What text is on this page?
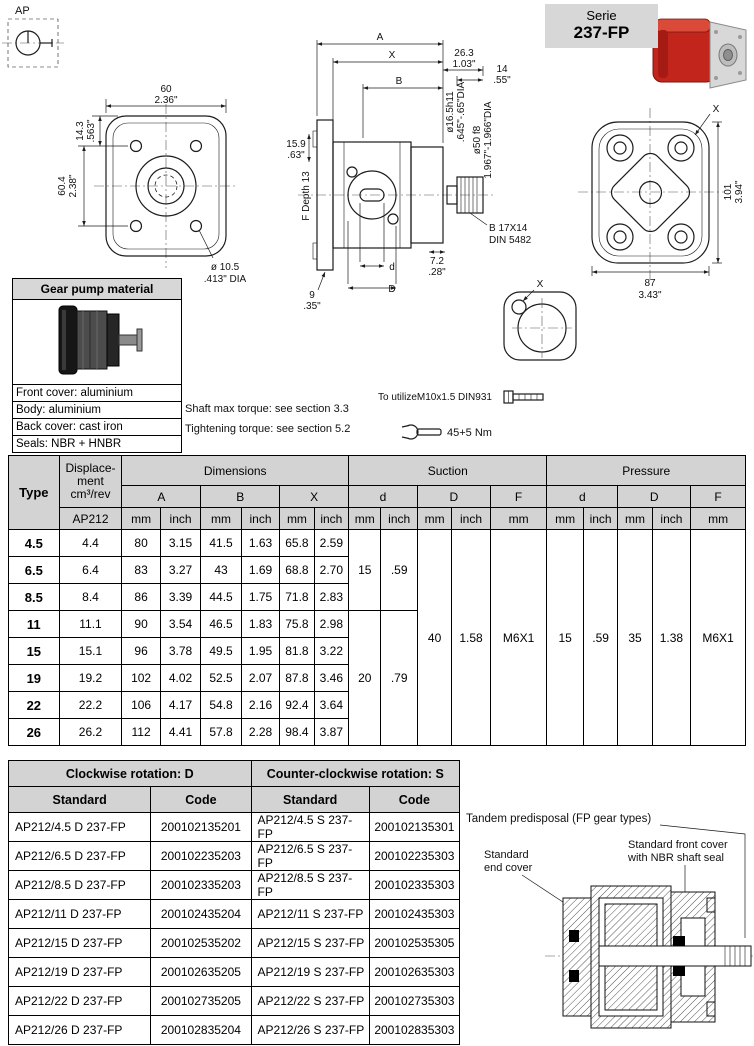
AP
60
2.36"
14.3 .563"
60.4 2.38"
ø 10.5
.413" DIA
A
X
B
26.3
1.03" 14
.55"
ø16.5h11 .645"-.65"DIA ø50 f8 1.967"-1.966"DIA
15.9
.63"
F Depth 13
9
.35"
7.2
.28"
d
D
B 17X14
DIN 5482
101 3.94"
87
3.43"
X
X
To utilizeM10x1.5 DIN931
45+5 Nm
Shaft max torque: see section 3.3
Tightening torque: see section 5.2
Serie
237-FP
Gear pump material
Front cover: aluminium
Body: aluminium
Back cover: cast iron
Seals: NBR + HNBR
Type	Displace-
ment
cm³/rev	Dimensions						Suction					Pressure				
		A		B		X		d		D		F	d		D		F
	AP212	mm	inch	mm	inch	mm	inch	mm	inch	mm	inch	mm	mm	inch	mm	inch	mm
4.5	4.4	80	3.15	41.5	1.63	65.8	2.59	15	.59	40	1.58	M6X1	15	.59	35	1.38	M6X1
6.5	6.4	83	3.27	43	1.69	68.8	2.70										
8.5	8.4	86	3.39	44.5	1.75	71.8	2.83										
11	11.1	90	3.54	46.5	1.83	75.8	2.98	20	.79								
15	15.1	96	3.78	49.5	1.95	81.8	3.22										
19	19.2	102	4.02	52.5	2.07	87.8	3.46										
22	22.2	106	4.17	54.8	2.16	92.4	3.64										
26	26.2	112	4.41	57.8	2.28	98.4	3.87										
Clockwise rotation: D		Counter-clockwise rotation: S	
Standard	Code	Standard	Code
AP212/4.5 D 237-FP	200102135201	AP212/4.5 S 237-FP	200102135301
AP212/6.5 D 237-FP	200102235203	AP212/6.5 S 237-FP	200102235303
AP212/8.5 D 237-FP	200102335203	AP212/8.5 S 237-FP	200102335303
AP212/11 D 237-FP	200102435204	AP212/11 S 237-FP	200102435303
AP212/15 D 237-FP	200102535202	AP212/15 S 237-FP	200102535305
AP212/19 D 237-FP	200102635205	AP212/19 S 237-FP	200102635303
AP212/22 D 237-FP	200102735205	AP212/22 S 237-FP	200102735303
AP212/26 D 237-FP	200102835204	AP212/26 S 237-FP	200102835303
Tandem predisposal (FP gear types)
Standard
end cover
Standard front cover
with NBR shaft seal
